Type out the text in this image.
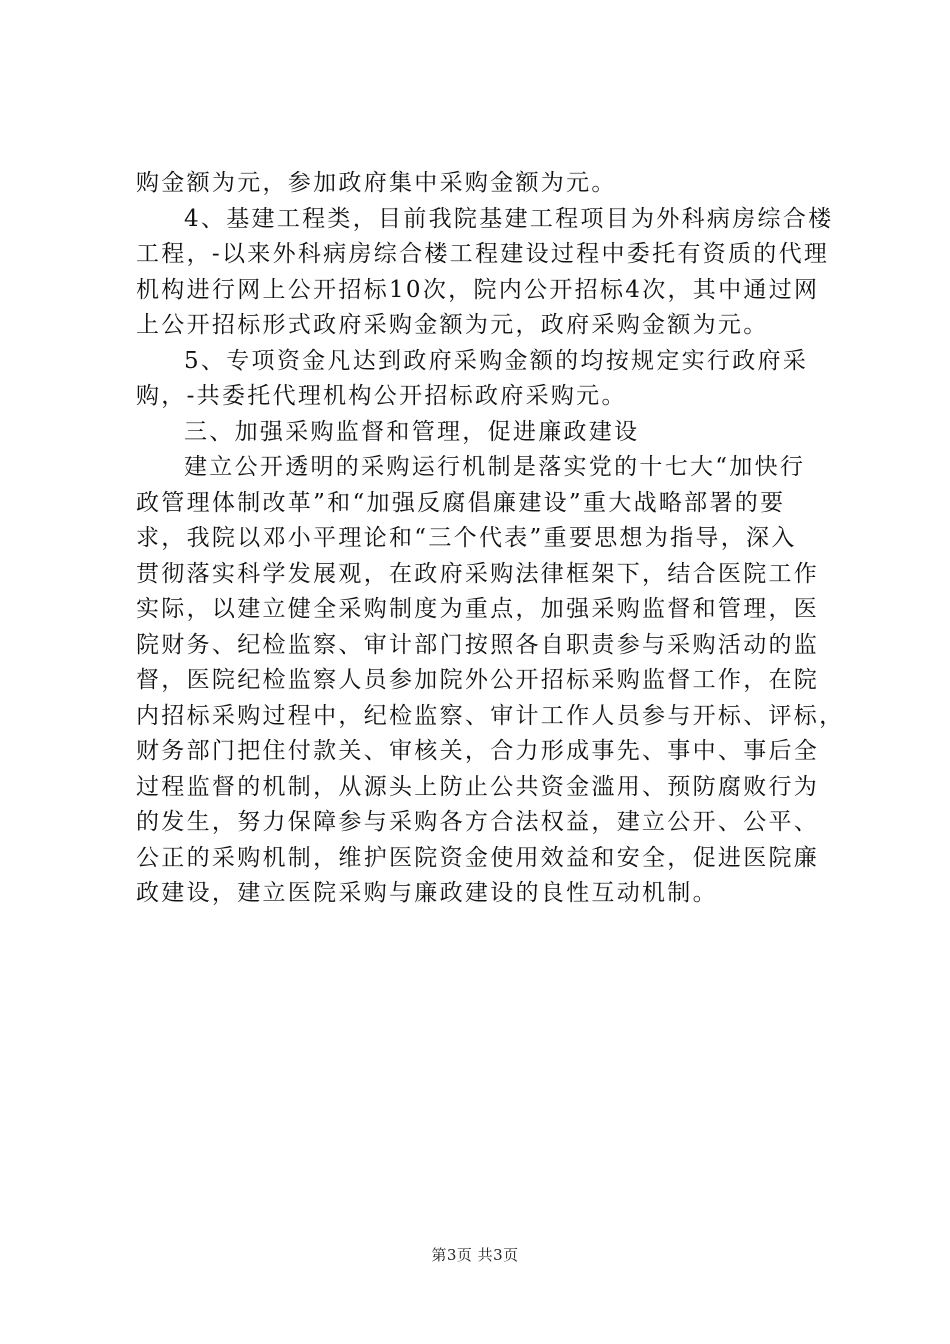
购金额为元，参加政府集中采购金额为元。
4、基建工程类，目前我院基建工程项目为外科病房综合楼
工程，-以来外科病房综合楼工程建设过程中委托有资质的代理
机构进行网上公开招标10次，院内公开招标4次，其中通过网
上公开招标形式政府采购金额为元，政府采购金额为元。
5、专项资金凡达到政府采购金额的均按规定实行政府采
购，-共委托代理机构公开招标政府采购元。
三、加强采购监督和管理，促进廉政建设
建立公开透明的采购运行机制是落实党的十七大“加快行
政管理体制改革”和“加强反腐倡廉建设”重大战略部署的要
求，我院以邓小平理论和“三个代表”重要思想为指导，深入
贯彻落实科学发展观，在政府采购法律框架下，结合医院工作
实际，以建立健全采购制度为重点，加强采购监督和管理，医
院财务、纪检监察、审计部门按照各自职责参与采购活动的监
督，医院纪检监察人员参加院外公开招标采购监督工作，在院
内招标采购过程中，纪检监察、审计工作人员参与开标、评标，
财务部门把住付款关、审核关，合力形成事先、事中、事后全
过程监督的机制，从源头上防止公共资金滥用、预防腐败行为
的发生，努力保障参与采购各方合法权益，建立公开、公平、
公正的采购机制，维护医院资金使用效益和安全，促进医院廉
政建设，建立医院采购与廉政建设的良性互动机制。
第3页 共3页
